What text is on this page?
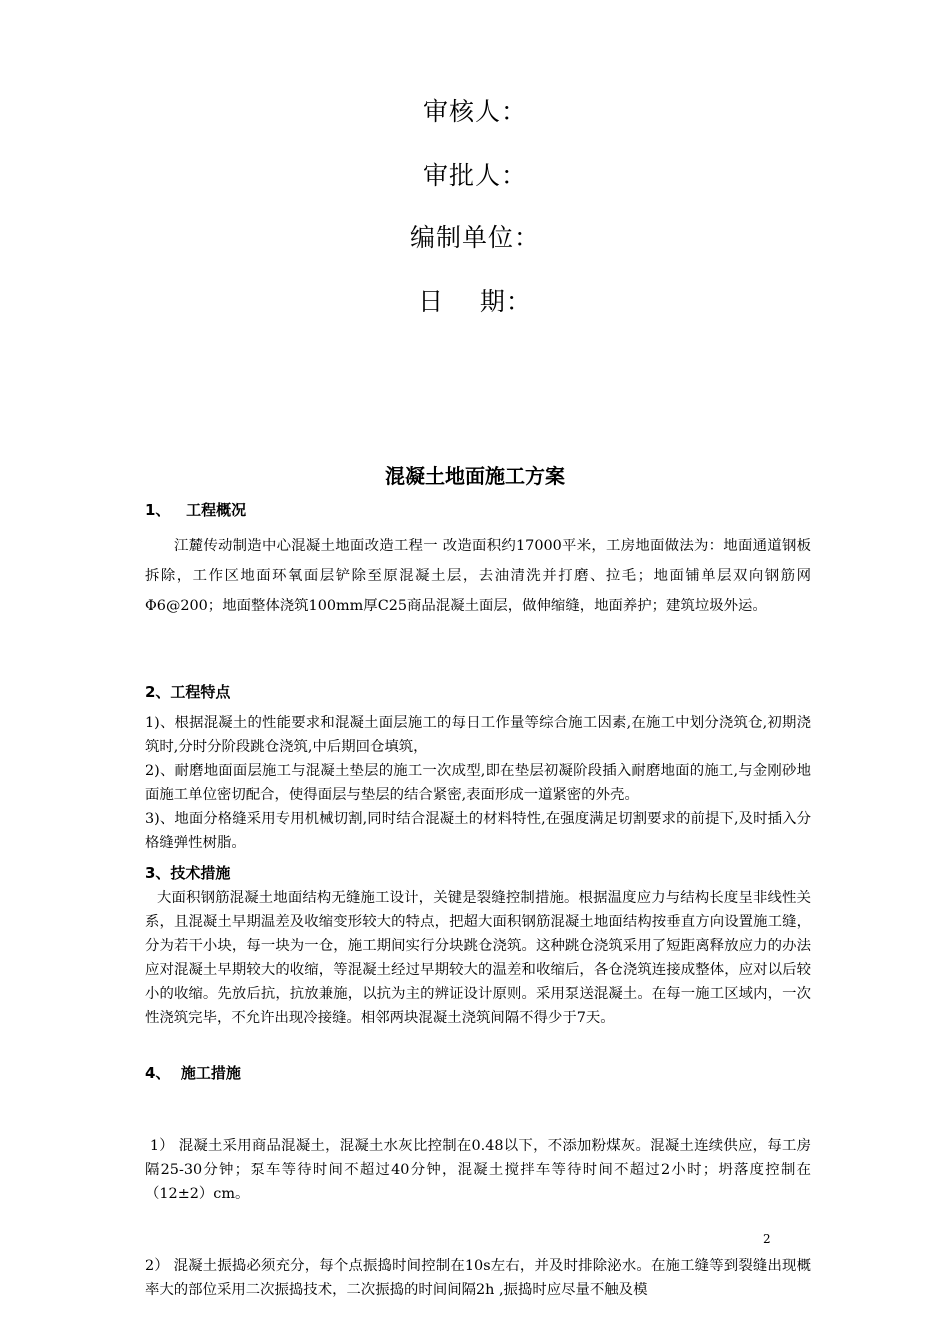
审核人：
审批人：
编制单位：
日    期：
混凝土地面施工方案
1、   工程概况
江麓传动制造中心混凝土地面改造工程一 改造面积约17000平米，工房地面做法为：地面通道钢板拆除，工作区地面环氧面层铲除至原混凝土层，去油清洗并打磨、拉毛；地面铺单层双向钢筋网Φ6@200；地面整体浇筑100mm厚C25商品混凝土面层，做伸缩缝，地面养护；建筑垃圾外运。
2、工程特点
1)、根据混凝土的性能要求和混凝土面层施工的每日工作量等综合施工因素,在施工中划分浇筑仓,初期浇筑时,分时分阶段跳仓浇筑,中后期回仓填筑，
2)、耐磨地面面层施工与混凝土垫层的施工一次成型,即在垫层初凝阶段插入耐磨地面的施工,与金刚砂地面施工单位密切配合，使得面层与垫层的结合紧密,表面形成一道紧密的外壳。
3)、地面分格缝采用专用机械切割,同时结合混凝土的材料特性,在强度满足切割要求的前提下,及时插入分格缝弹性树脂。
3、技术措施
大面积钢筋混凝土地面结构无缝施工设计，关键是裂缝控制措施。根据温度应力与结构长度呈非线性关系，且混凝土早期温差及收缩变形较大的特点，把超大面积钢筋混凝土地面结构按垂直方向设置施工缝，分为若干小块，每一块为一仓，施工期间实行分块跳仓浇筑。这种跳仓浇筑采用了短距离释放应力的办法应对混凝土早期较大的收缩，等混凝土经过早期较大的温差和收缩后，各仓浇筑连接成整体，应对以后较小的收缩。先放后抗，抗放兼施，以抗为主的辨证设计原则。采用泵送混凝土。在每一施工区域内，一次性浇筑完毕，不允许出现冷接缝。相邻两块混凝土浇筑间隔不得少于7天。
4、  施工措施

1） 混凝土采用商品混凝土，混凝土水灰比控制在0.48以下，不添加粉煤灰。混凝土连续供应，每工房隔25-30分钟；泵车等待时间不超过40分钟，混凝土搅拌车等待时间不超过2小时；坍落度控制在（12±2）cm。

2） 混凝土振捣必须充分，每个点振捣时间控制在10s左右，并及时排除泌水。在施工缝等到裂缝出现概率大的部位采用二次振捣技术，二次振捣的时间间隔2h ,振捣时应尽量不触及模

2
